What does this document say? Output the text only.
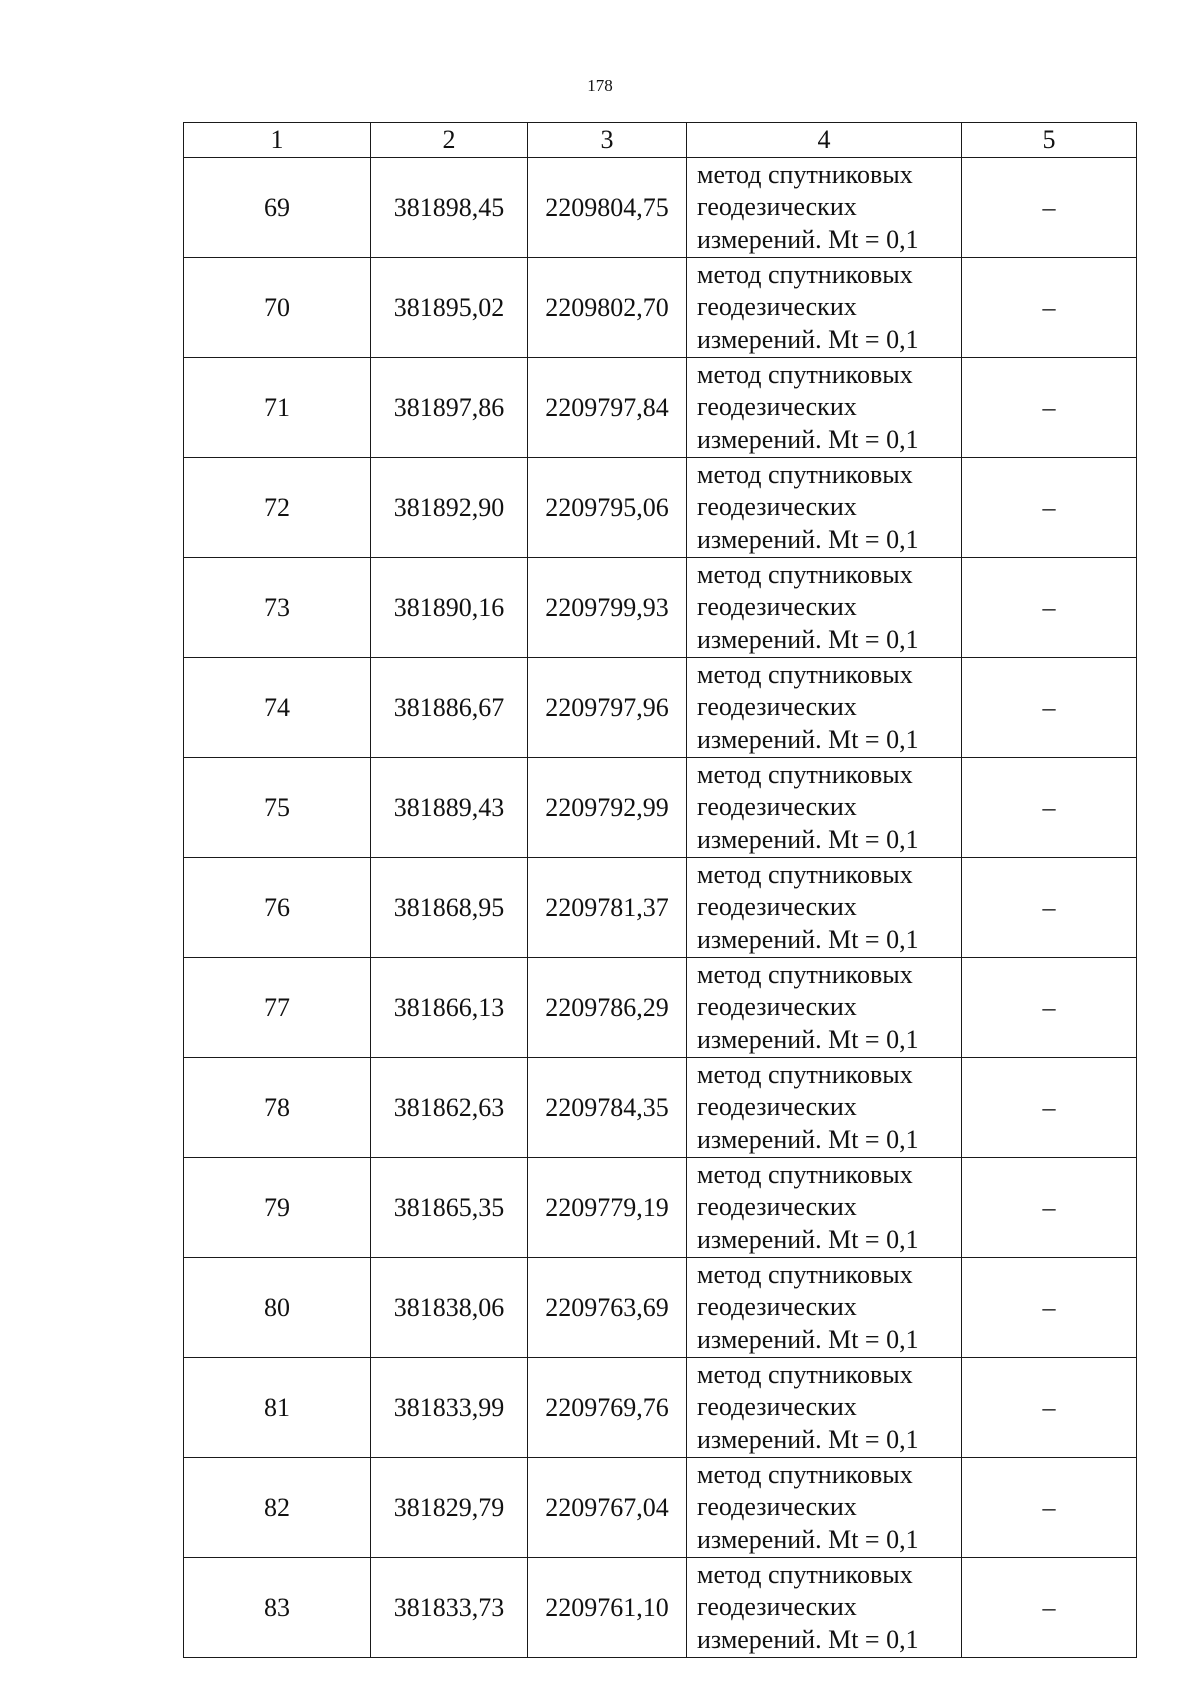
178
1	2	3	4	5
69	381898,45	2209804,75	метод спутниковых геодезических измерений. Mt = 0,1	–
70	381895,02	2209802,70	метод спутниковых геодезических измерений. Mt = 0,1	–
71	381897,86	2209797,84	метод спутниковых геодезических измерений. Mt = 0,1	–
72	381892,90	2209795,06	метод спутниковых геодезических измерений. Mt = 0,1	–
73	381890,16	2209799,93	метод спутниковых геодезических измерений. Mt = 0,1	–
74	381886,67	2209797,96	метод спутниковых геодезических измерений. Mt = 0,1	–
75	381889,43	2209792,99	метод спутниковых геодезических измерений. Mt = 0,1	–
76	381868,95	2209781,37	метод спутниковых геодезических измерений. Mt = 0,1	–
77	381866,13	2209786,29	метод спутниковых геодезических измерений. Mt = 0,1	–
78	381862,63	2209784,35	метод спутниковых геодезических измерений. Mt = 0,1	–
79	381865,35	2209779,19	метод спутниковых геодезических измерений. Mt = 0,1	–
80	381838,06	2209763,69	метод спутниковых геодезических измерений. Mt = 0,1	–
81	381833,99	2209769,76	метод спутниковых геодезических измерений. Mt = 0,1	–
82	381829,79	2209767,04	метод спутниковых геодезических измерений. Mt = 0,1	–
83	381833,73	2209761,10	метод спутниковых геодезических измерений. Mt = 0,1	–
